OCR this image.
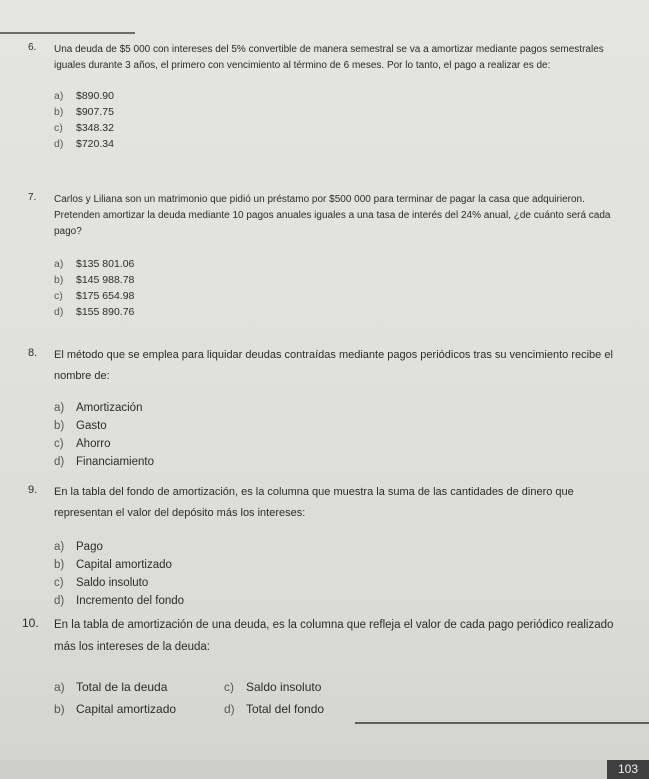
6. Una deuda de $5 000 con intereses del 5% convertible de manera semestral se va a amortizar mediante pagos semestrales iguales durante 3 años, el primero con vencimiento al término de 6 meses. Por lo tanto, el pago a realizar es de:
a) $890.90
b) $907.75
c) $348.32
d) $720.34
7. Carlos y Liliana son un matrimonio que pidió un préstamo por $500 000 para terminar de pagar la casa que adquirieron. Pretenden amortizar la deuda mediante 10 pagos anuales iguales a una tasa de interés del 24% anual, ¿de cuánto será cada pago?
a) $135 801.06
b) $145 988.78
c) $175 654.98
d) $155 890.76
8. El método que se emplea para liquidar deudas contraídas mediante pagos periódicos tras su vencimiento recibe el nombre de:
a) Amortización
b) Gasto
c) Ahorro
d) Financiamiento
9. En la tabla del fondo de amortización, es la columna que muestra la suma de las cantidades de dinero que representan el valor del depósito más los intereses:
a) Pago
b) Capital amortizado
c) Saldo insoluto
d) Incremento del fondo
10. En la tabla de amortización de una deuda, es la columna que refleja el valor de cada pago periódico realizado más los intereses de la deuda:
a) Total de la deuda	c) Saldo insoluto
b) Capital amortizado	d) Total del fondo
103
